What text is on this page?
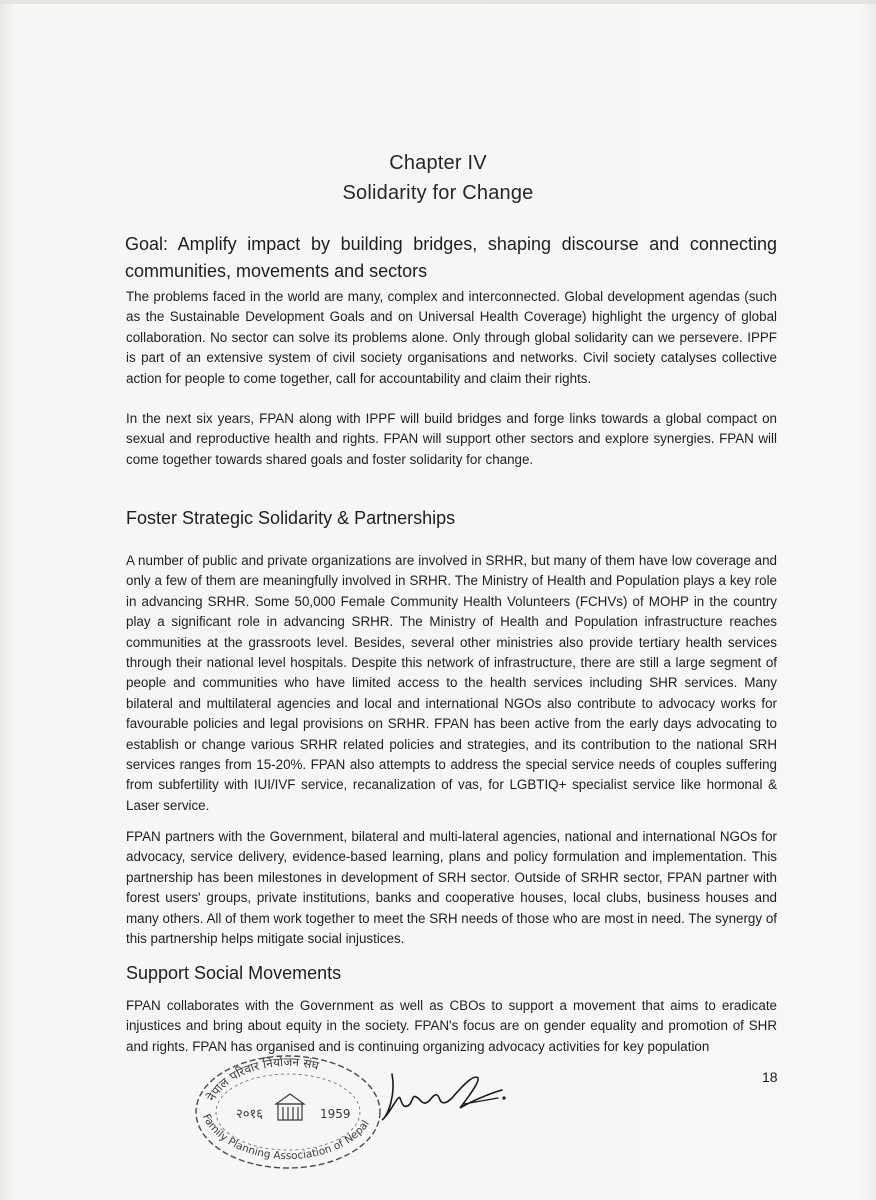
Chapter IV
Solidarity for Change
Goal: Amplify impact by building bridges, shaping discourse and connecting communities, movements and sectors

The problems faced in the world are many, complex and interconnected. Global development agendas (such as the Sustainable Development Goals and on Universal Health Coverage) highlight the urgency of global collaboration. No sector can solve its problems alone. Only through global solidarity can we persevere. IPPF is part of an extensive system of civil society organisations and networks. Civil society catalyses collective action for people to come together, call for accountability and claim their rights.

In the next six years, FPAN along with IPPF will build bridges and forge links towards a global compact on sexual and reproductive health and rights. FPAN will support other sectors and explore synergies. FPAN will come together towards shared goals and foster solidarity for change.

Foster Strategic Solidarity & Partnerships

A number of public and private organizations are involved in SRHR, but many of them have low coverage and only a few of them are meaningfully involved in SRHR. The Ministry of Health and Population plays a key role in advancing SRHR. Some 50,000 Female Community Health Volunteers (FCHVs) of MOHP in the country play a significant role in advancing SRHR. The Ministry of Health and Population infrastructure reaches communities at the grassroots level. Besides, several other ministries also provide tertiary health services through their national level hospitals. Despite this network of infrastructure, there are still a large segment of people and communities who have limited access to the health services including SHR services. Many bilateral and multilateral agencies and local and international NGOs also contribute to advocacy works for favourable policies and legal provisions on SRHR. FPAN has been active from the early days advocating to establish or change various SRHR related policies and strategies, and its contribution to the national SRH services ranges from 15-20%. FPAN also attempts to address the special service needs of couples suffering from subfertility with IUI/IVF service, recanalization of vas, for LGBTIQ+ specialist service like hormonal & Laser service.

FPAN partners with the Government, bilateral and multi-lateral agencies, national and international NGOs for advocacy, service delivery, evidence-based learning, plans and policy formulation and implementation. This partnership has been milestones in development of SRH sector. Outside of SRHR sector, FPAN partner with forest users' groups, private institutions, banks and cooperative houses, local clubs, business houses and many others. All of them work together to meet the SRH needs of those who are most in need. The synergy of this partnership helps mitigate social injustices.

Support Social Movements

FPAN collaborates with the Government as well as CBOs to support a movement that aims to eradicate injustices and bring about equity in the society. FPAN's focus are on gender equality and promotion of SHR and rights. FPAN has organised and is continuing organizing advocacy activities for key population

18
नेपाल परिवार नियोजन संघ
Family Planning Association of Nepal
२०१६	1959
